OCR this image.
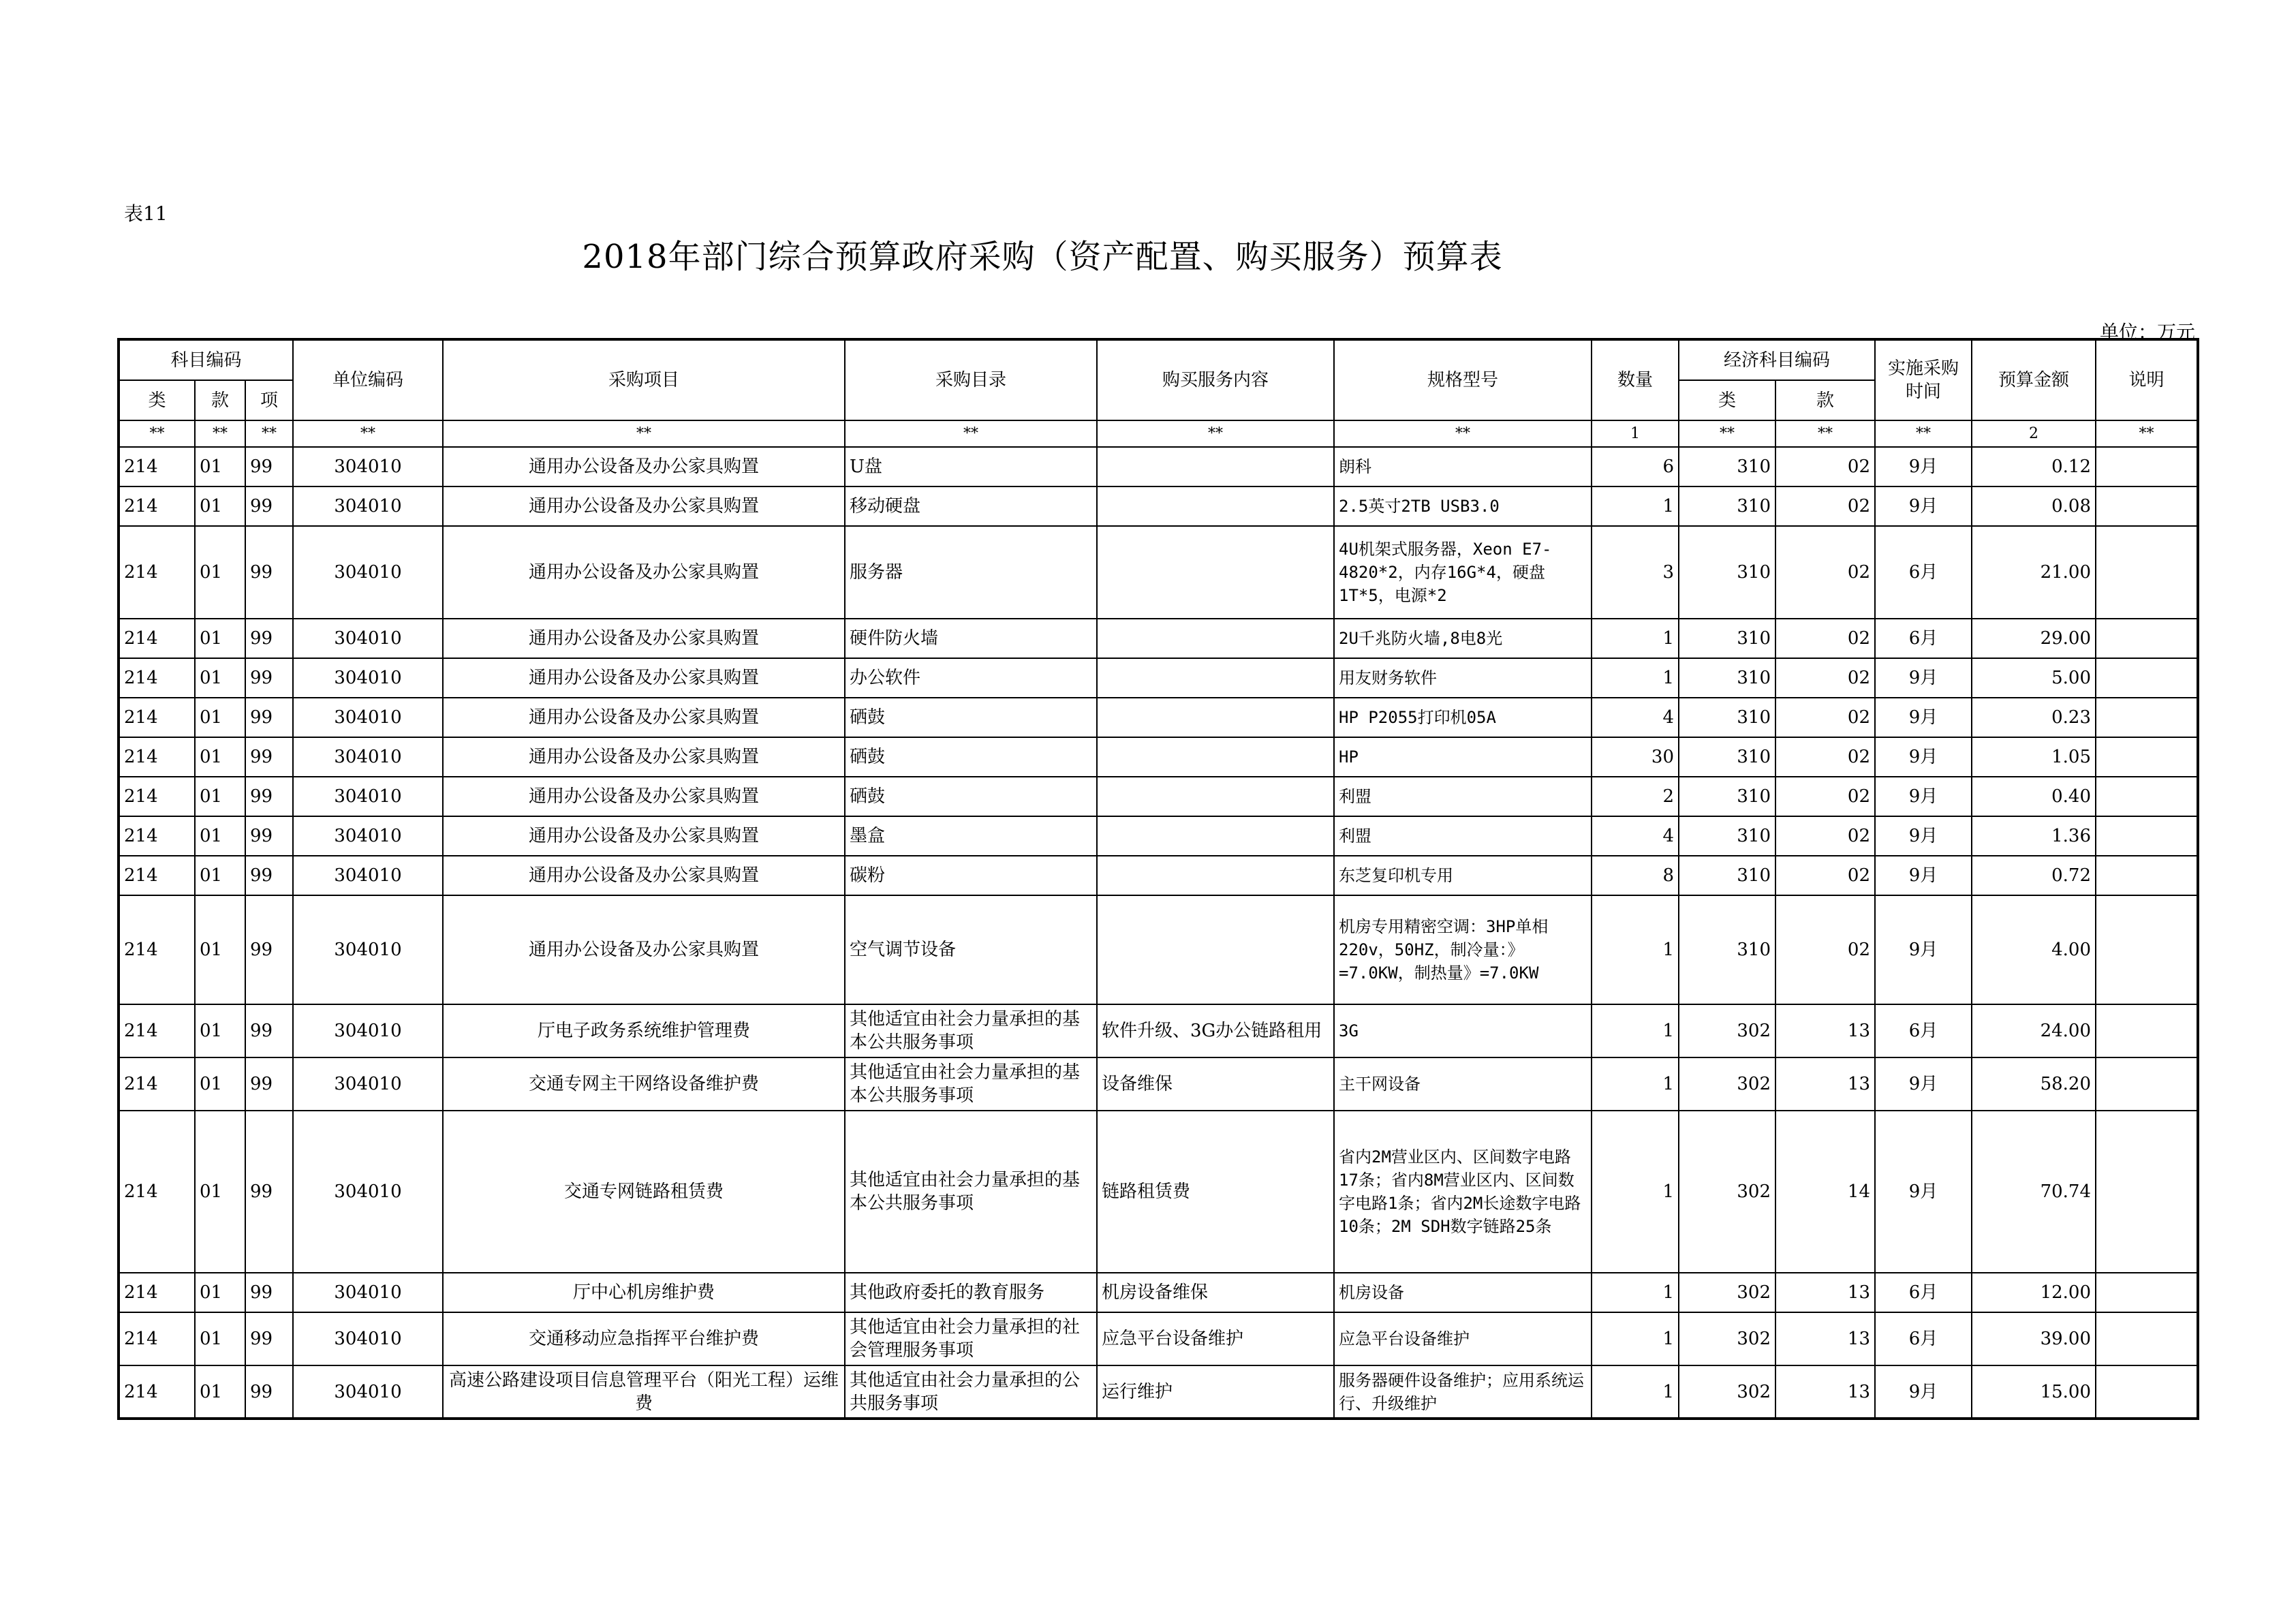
表11
2018年部门综合预算政府采购（资产配置、购买服务）预算表
单位：万元
科目编码			单位编码	采购项目	采购目录	购买服务内容	规格型号	数量	经济科目编码		实施采购时间	预算金额	说明
类	款	项							类	款			
**	**	**	**	**	**	**	**	1	**	**	**	2	**
214	01	99	304010	通用办公设备及办公家具购置	U盘		朗科	6	310	02	9月	0.12	
214	01	99	304010	通用办公设备及办公家具购置	移动硬盘		2.5英寸2TB USB3.0	1	310	02	9月	0.08	
214	01	99	304010	通用办公设备及办公家具购置	服务器		4U机架式服务器，Xeon E7-4820*2，内存16G*4，硬盘1T*5，电源*2	3	310	02	6月	21.00	
214	01	99	304010	通用办公设备及办公家具购置	硬件防火墙		2U千兆防火墙,8电8光	1	310	02	6月	29.00	
214	01	99	304010	通用办公设备及办公家具购置	办公软件		用友财务软件	1	310	02	9月	5.00	
214	01	99	304010	通用办公设备及办公家具购置	硒鼓		HP P2055打印机05A	4	310	02	9月	0.23	
214	01	99	304010	通用办公设备及办公家具购置	硒鼓		HP	30	310	02	9月	1.05	
214	01	99	304010	通用办公设备及办公家具购置	硒鼓		利盟	2	310	02	9月	0.40	
214	01	99	304010	通用办公设备及办公家具购置	墨盒		利盟	4	310	02	9月	1.36	
214	01	99	304010	通用办公设备及办公家具购置	碳粉		东芝复印机专用	8	310	02	9月	0.72	
214	01	99	304010	通用办公设备及办公家具购置	空气调节设备		机房专用精密空调：3HP单相220v，50HZ，制冷量：》=7.0KW，制热量》=7.0KW	1	310	02	9月	4.00	
214	01	99	304010	厅电子政务系统维护管理费	其他适宜由社会力量承担的基本公共服务事项	软件升级、3G办公链路租用	3G	1	302	13	6月	24.00	
214	01	99	304010	交通专网主干网络设备维护费	其他适宜由社会力量承担的基本公共服务事项	设备维保	主干网设备	1	302	13	9月	58.20	
214	01	99	304010	交通专网链路租赁费	其他适宜由社会力量承担的基本公共服务事项	链路租赁费	省内2M营业区内、区间数字电路17条；省内8M营业区内、区间数字电路1条；省内2M长途数字电路10条；2M SDH数字链路25条	1	302	14	9月	70.74	
214	01	99	304010	厅中心机房维护费	其他政府委托的教育服务	机房设备维保	机房设备	1	302	13	6月	12.00	
214	01	99	304010	交通移动应急指挥平台维护费	其他适宜由社会力量承担的社会管理服务事项	应急平台设备维护	应急平台设备维护	1	302	13	6月	39.00	
214	01	99	304010	高速公路建设项目信息管理平台（阳光工程）运维费	其他适宜由社会力量承担的公共服务事项	运行维护	服务器硬件设备维护；应用系统运行、升级维护	1	302	13	9月	15.00	
